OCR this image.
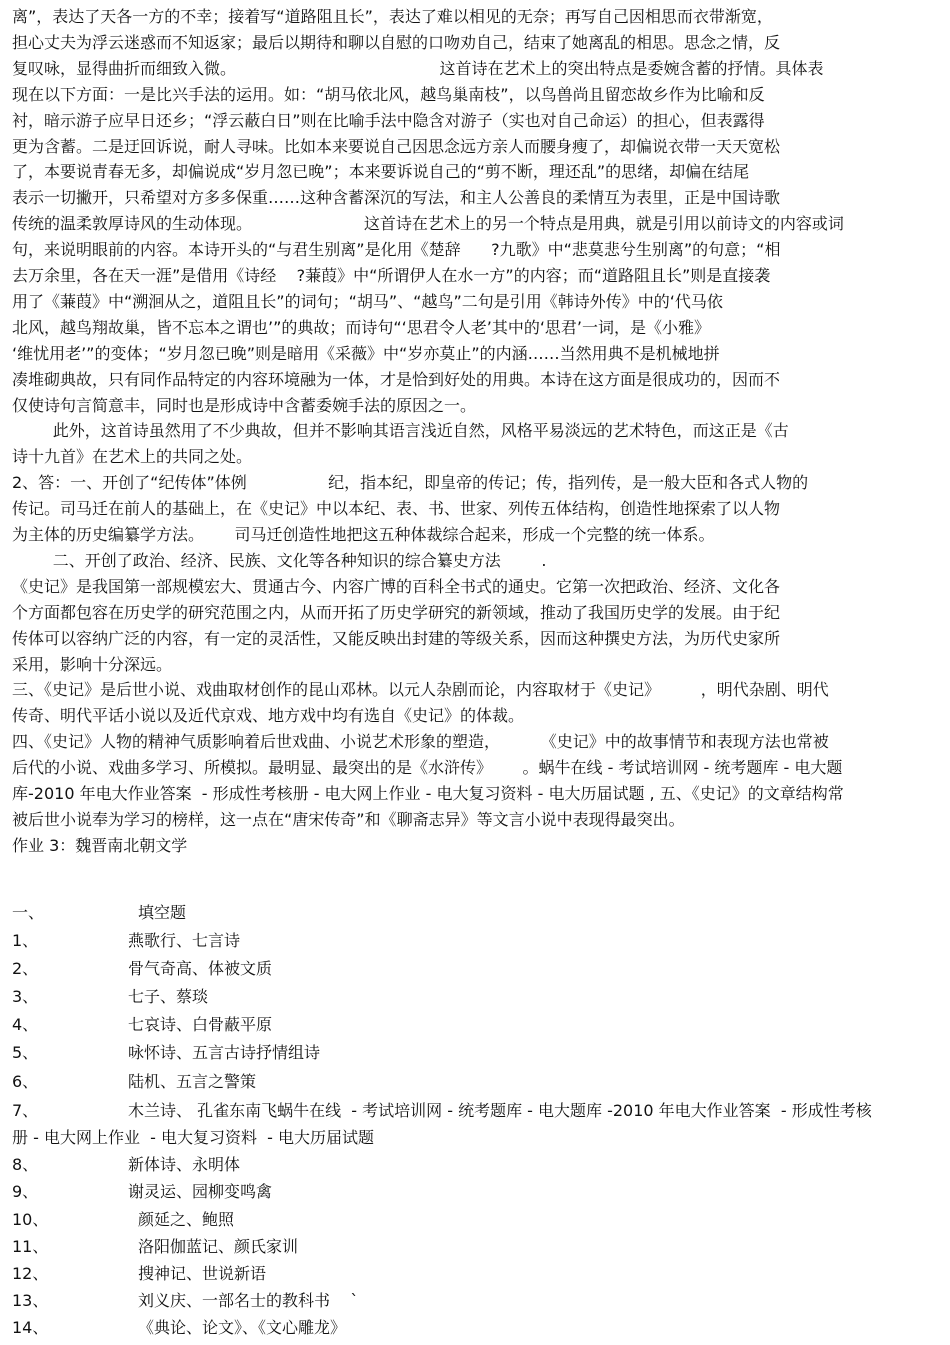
离”，表达了天各一方的不幸；接着写“道路阻且长”，表达了难以相见的无奈；再写自己因相思而衣带渐宽，
担心丈夫为浮云迷惑而不知返家；最后以期待和聊以自慰的口吻劝自己，结束了她离乱的相思。思念之情，反
复叹咏，显得曲折而细致入微。                                        这首诗在艺术上的突出特点是委婉含蓄的抒情。具体表
现在以下方面：一是比兴手法的运用。如：“胡马依北风，越鸟巢南枝”，以鸟兽尚且留恋故乡作为比喻和反
衬，暗示游子应早日还乡；“浮云蔽白日”则在比喻手法中隐含对游子（实也对自己命运）的担心，但表露得
更为含蓄。二是迂回诉说，耐人寻味。比如本来要说自己因思念远方亲人而腰身瘦了，却偏说衣带一天天宽松
了，本要说青春无多，却偏说成“岁月忽已晚”；本来要诉说自己的“剪不断，理还乱”的思绪，却偏在结尾
表示一切撇开，只希望对方多多保重……这种含蓄深沉的写法，和主人公善良的柔情互为表里，正是中国诗歌
传统的温柔敦厚诗风的生动体现。                      这首诗在艺术上的另一个特点是用典，就是引用以前诗文的内容或词
句，来说明眼前的内容。本诗开头的“与君生别离”是化用《楚辞      ?九歌》中“悲莫悲兮生别离”的句意；“相
去万余里，各在天一涯”是借用《诗经    ?蒹葭》中“所谓伊人在水一方”的内容；而“道路阻且长”则是直接袭
用了《蒹葭》中“溯洄从之，道阻且长”的词句；“胡马”、“越鸟”二句是引用《韩诗外传》中的‘代马依
北风，越鸟翔故巢，皆不忘本之谓也’”的典故；而诗句“‘思君令人老’其中的‘思君’一词，是《小雅》
‘维忧用老’”的变体；“岁月忽已晚”则是暗用《采薇》中“岁亦莫止”的内涵……当然用典不是机械地拼
凑堆砌典故，只有同作品特定的内容环境融为一体，才是恰到好处的用典。本诗在这方面是很成功的，因而不
仅使诗句言简意丰，同时也是形成诗中含蓄委婉手法的原因之一。
此外，这首诗虽然用了不少典故，但并不影响其语言浅近自然，风格平易淡远的艺术特色，而这正是《古
诗十九首》在艺术上的共同之处。
2、答：一、开创了“纪传体”体例                纪，指本纪，即皇帝的传记；传，指列传，是一般大臣和各式人物的
传记。司马迁在前人的基础上，在《史记》中以本纪、表、书、世家、列传五体结构，创造性地探索了以人物
为主体的历史编纂学方法。      司马迁创造性地把这五种体裁综合起来，形成一个完整的统一体系。
二、开创了政治、经济、民族、文化等各种知识的综合纂史方法        .
《史记》是我国第一部规模宏大、贯通古今、内容广博的百科全书式的通史。它第一次把政治、经济、文化各
个方面都包容在历史学的研究范围之内，从而开拓了历史学研究的新领域，推动了我国历史学的发展。由于纪
传体可以容纳广泛的内容，有一定的灵活性，又能反映出封建的等级关系，因而这种撰史方法，为历代史家所
采用，影响十分深远。
三、《史记》是后世小说、戏曲取材创作的昆山邓林。以元人杂剧而论，内容取材于《史记》        ，明代杂剧、明代
传奇、明代平话小说以及近代京戏、地方戏中均有选自《史记》的体裁。
四、《史记》人物的精神气质影响着后世戏曲、小说艺术形象的塑造，        《史记》中的故事情节和表现方法也常被
后代的小说、戏曲多学习、所模拟。最明显、最突出的是《水浒传》      。蜗牛在线 - 考试培训网 - 统考题库 - 电大题
库-2010 年电大作业答案  - 形成性考核册 - 电大网上作业 - 电大复习资料 - 电大历届试题 , 五、《史记》的文章结构常
被后世小说奉为学习的榜样，这一点在“唐宋传奇”和《聊斋志异》等文言小说中表现得最突出。
作业 3：魏晋南北朝文学
一、	填空题
1、	燕歌行、七言诗
2、	骨气奇高、体被文质
3、	七子、蔡琰
4、	七哀诗、白骨蔽平原
5、	咏怀诗、五言古诗抒情组诗
6、	陆机、五言之警策
7、	木兰诗、 孔雀东南飞蜗牛在线  - 考试培训网 - 统考题库 - 电大题库 -2010 年电大作业答案  - 形成性考核
册 - 电大网上作业  - 电大复习资料  - 电大历届试题
8、	新体诗、永明体
9、	谢灵运、园柳变鸣禽
10、	颜延之、鲍照
11、	洛阳伽蓝记、颜氏家训
12、	搜神记、世说新语
13、	刘义庆、一部名士的教科书    `
14、	《典论、论文》、《文心雕龙》
